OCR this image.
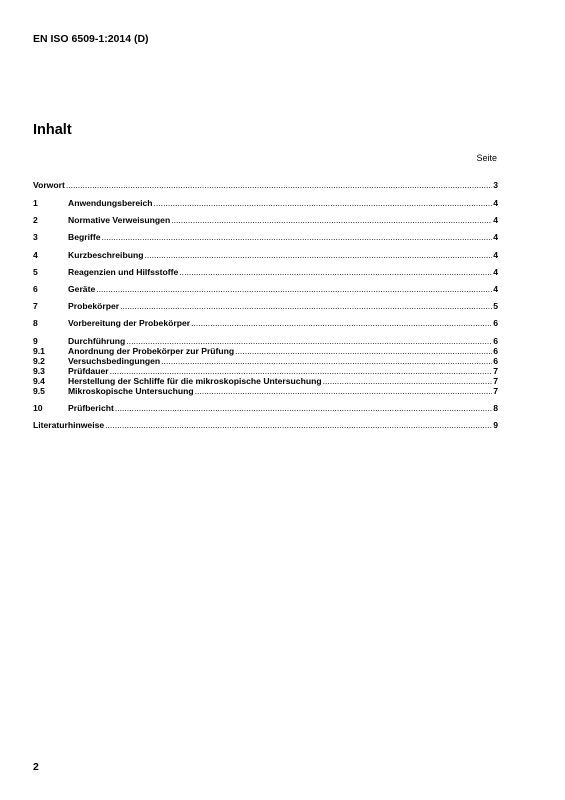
EN ISO 6509-1:2014 (D)
Inhalt
Seite
Vorwort .....	3
1	Anwendungsbereich .....	4
2	Normative Verweisungen .....	4
3	Begriffe .....	4
4	Kurzbeschreibung .....	4
5	Reagenzien und Hilfsstoffe .....	4
6	Geräte .....	4
7	Probekörper .....	5
8	Vorbereitung der Probekörper .....	6
9	Durchführung .....	6
9.1	Anordnung der Probekörper zur Prüfung .....	6
9.2	Versuchsbedingungen .....	6
9.3	Prüfdauer .....	7
9.4	Herstellung der Schliffe für die mikroskopische Untersuchung .....	7
9.5	Mikroskopische Untersuchung .....	7
10	Prüfbericht .....	8
Literaturhinweise .....	9
2
